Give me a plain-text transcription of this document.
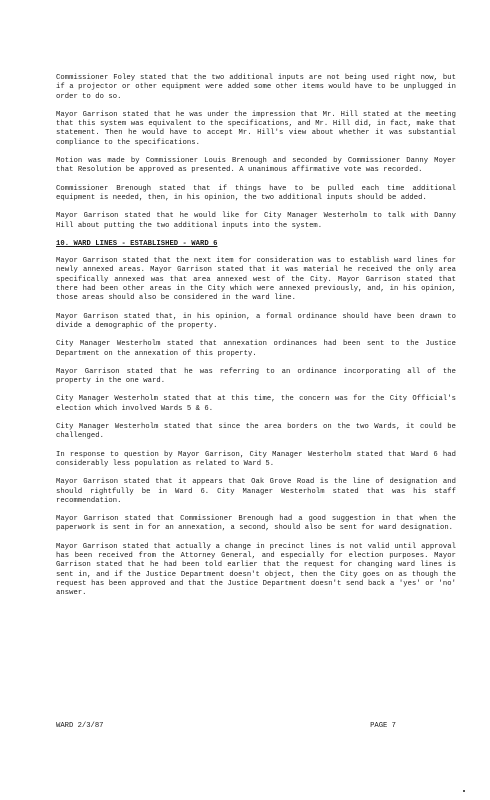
Commissioner Foley stated that the two additional inputs are not being used right now, but if a projector or other equipment were added some other items would have to be unplugged in order to do so.

Mayor Garrison stated that he was under the impression that Mr. Hill stated at the meeting that this system was equivalent to the specifications, and Mr. Hill did, in fact, make that statement. Then he would have to accept Mr. Hill's view about whether it was substantial compliance to the specifications.

Motion was made by Commissioner Louis Brenough and seconded by Commissioner Danny Moyer that Resolution be approved as presented. A unanimous affirmative vote was recorded.

Commissioner Brenough stated that if things have to be pulled each time additional equipment is needed, then, in his opinion, the two additional inputs should be added.

Mayor Garrison stated that he would like for City Manager Westerholm to talk with Danny Hill about putting the two additional inputs into the system.

10. WARD LINES - ESTABLISHED - WARD 6

Mayor Garrison stated that the next item for consideration was to establish ward lines for newly annexed areas. Mayor Garrison stated that it was material he received the only area specifically annexed was that area annexed west of the City. Mayor Garrison stated that there had been other areas in the City which were annexed previously, and, in his opinion, those areas should also be considered in the ward line.

Mayor Garrison stated that, in his opinion, a formal ordinance should have been drawn to divide a demographic of the property.

City Manager Westerholm stated that annexation ordinances had been sent to the Justice Department on the annexation of this property.

Mayor Garrison stated that he was referring to an ordinance incorporating all of the property in the one ward.

City Manager Westerholm stated that at this time, the concern was for the City Official's election which involved Wards 5 & 6.

City Manager Westerholm stated that since the area borders on the two Wards, it could be challenged.

In response to question by Mayor Garrison, City Manager Westerholm stated that Ward 6 had considerably less population as related to Ward 5.

Mayor Garrison stated that it appears that Oak Grove Road is the line of designation and should rightfully be in Ward 6. City Manager Westerholm stated that was his staff recommendation.

Mayor Garrison stated that Commissioner Brenough had a good suggestion in that when the paperwork is sent in for an annexation, a second, should also be sent for ward designation.

Mayor Garrison stated that actually a change in precinct lines is not valid until approval has been received from the Attorney General, and especially for election purposes. Mayor Garrison stated that he had been told earlier that the request for changing ward lines is sent in, and if the Justice Department doesn't object, then the City goes on as though the request has been approved and that the Justice Department doesn't send back a 'yes' or 'no' answer.

WARD 2/3/87	PAGE 7
